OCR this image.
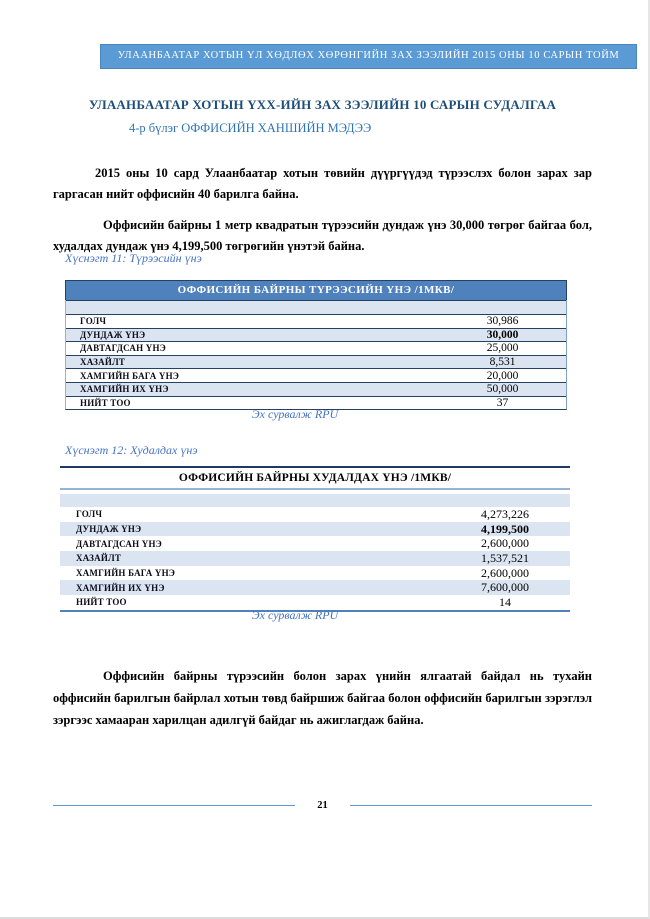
УЛААНБААТАР ХОТЫН ҮЛ ХӨДЛӨХ ХӨРӨНГИЙН ЗАХ ЗЭЭЛИЙН 2015 ОНЫ 10 САРЫН ТОЙМ
УЛААНБААТАР ХОТЫН ҮХХ-ИЙН ЗАХ ЗЭЭЛИЙН 10 САРЫН СУДАЛГАА
4-р бүлэг ОФФИСИЙН ХАНШИЙН МЭДЭЭ

2015 оны 10 сард Улаанбаатар хотын төвийн дүүргүүдэд түрээслэх болон зарах зар гаргасан нийт оффисийн 40 барилга байна.

Оффисийн байрны 1 метр квадратын түрээсийн дундаж үнэ 30,000 төгрөг байгаа бол, худалдах дундаж үнэ 4,199,500 төгрөгийн үнэтэй байна.

Хүснэгт 11: Түрээсийн үнэ
ОФФИСИЙН БАЙРНЫ ТҮРЭЭСИЙН ҮНЭ /1МКВ/
ГОЛЧ	30,986
ДУНДАЖ ҮНЭ	30,000
ДАВТАГДСАН ҮНЭ	25,000
ХАЗАЙЛТ	8,531
ХАМГИЙН БАГА ҮНЭ	20,000
ХАМГИЙН ИХ ҮНЭ	50,000
НИЙТ ТОО	37
Эх сурвалж RPU
Хүснэгт 12: Худалдах үнэ
ОФФИСИЙН БАЙРНЫ ХУДАЛДАХ ҮНЭ /1МКВ/
ГОЛЧ	4,273,226
ДУНДАЖ ҮНЭ	4,199,500
ДАВТАГДСАН ҮНЭ	2,600,000
ХАЗАЙЛТ	1,537,521
ХАМГИЙН БАГА ҮНЭ	2,600,000
ХАМГИЙН ИХ ҮНЭ	7,600,000
НИЙТ ТОО	14
Эх сурвалж RPU

Оффисийн байрны түрээсийн болон зарах үнийн ялгаатай байдал нь тухайн оффисийн барилгын байрлал хотын төвд байршиж байгаа болон оффисийн барилгын зэрэглэл зэргээс хамааран харилцан адилгүй байдаг нь ажиглагдаж байна.

21
